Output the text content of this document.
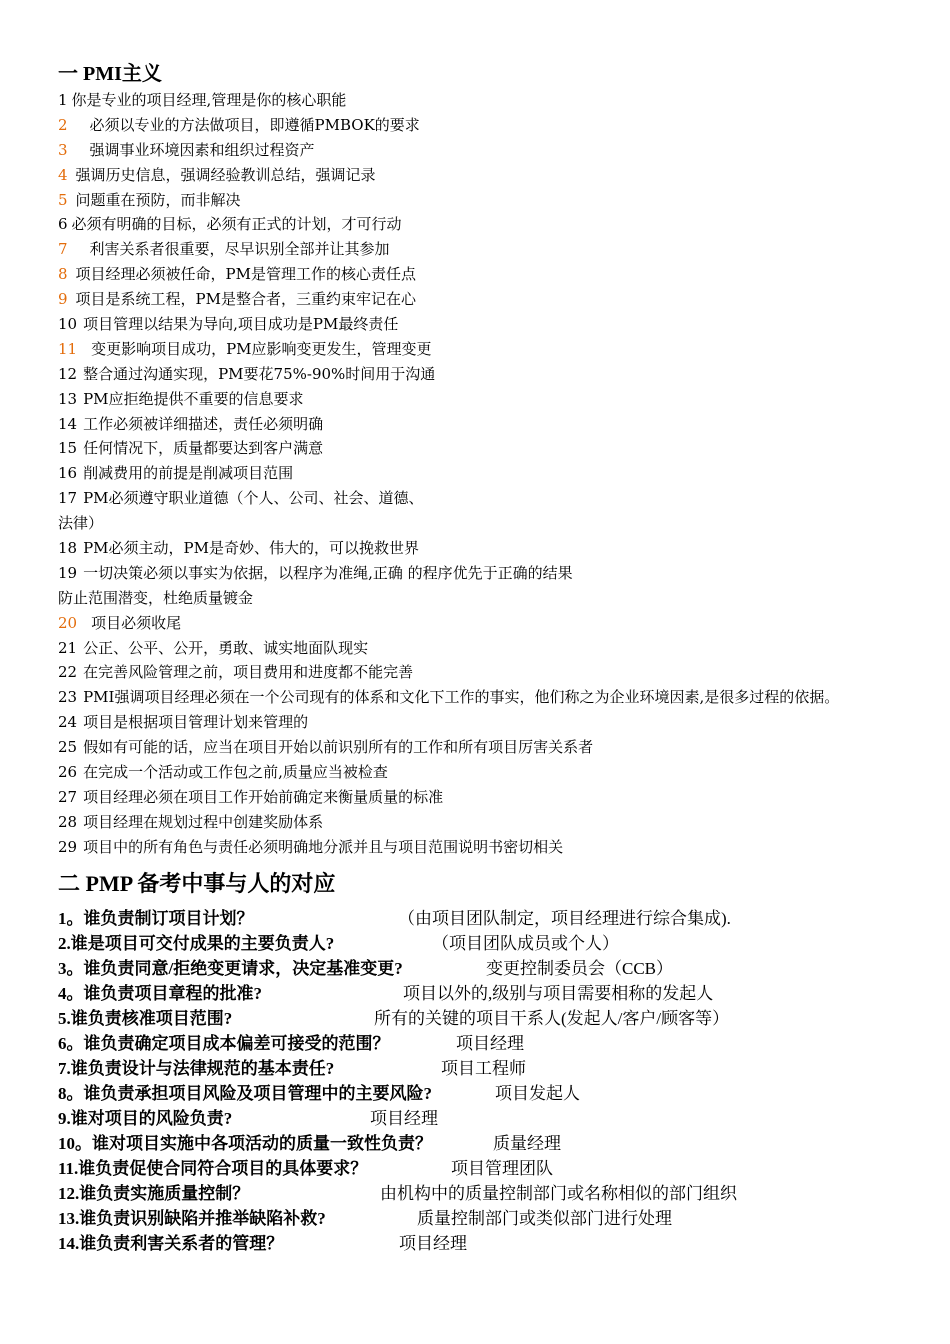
一 PMI主义
1 你是专业的项目经理,管理是你的核心职能
2 必须以专业的方法做项目，即遵循PMBOK的要求
3 强调事业环境因素和组织过程资产
4 强调历史信息，强调经验教训总结，强调记录
5 问题重在预防，而非解决
6 必须有明确的目标，必须有正式的计划，才可行动
7 利害关系者很重要，尽早识别全部并让其参加
8 项目经理必须被任命，PM是管理工作的核心责任点
9 项目是系统工程，PM是整合者，三重约束牢记在心
10 项目管理以结果为导向,项目成功是PM最终责任
11 变更影响项目成功，PM应影响变更发生，管理变更
12 整合通过沟通实现，PM要花75%-90%时间用于沟通
13 PM应拒绝提供不重要的信息要求
14 工作必须被详细描述，责任必须明确
15 任何情况下，质量都要达到客户满意
16 削减费用的前提是削减项目范围
17 PM必须遵守职业道德（个人、公司、社会、道德、
法律）
18 PM必须主动，PM是奇妙、伟大的，可以挽救世界
19 一切决策必须以事实为依据，以程序为准绳,正确 的程序优先于正确的结果
防止范围潜变，杜绝质量镀金
20 项目必须收尾
21 公正、公平、公开，勇敢、诚实地面队现实
22 在完善风险管理之前，项目费用和进度都不能完善
23 PMI强调项目经理必须在一个公司现有的体系和文化下工作的事实，他们称之为企业环境因素,是很多过程的依据。
24 项目是根据项目管理计划来管理的
25 假如有可能的话，应当在项目开始以前识别所有的工作和所有项目厉害关系者
26 在完成一个活动或工作包之前,质量应当被检查
27 项目经理必须在项目工作开始前确定来衡量质量的标准
28 项目经理在规划过程中创建奖励体系
29 项目中的所有角色与责任必须明确地分派并且与项目范围说明书密切相关
二 PMP 备考中事与人的对应
1。谁负责制订项目计划？	（由项目团队制定，项目经理进行综合集成).
2.谁是项目可交付成果的主要负责人?	（项目团队成员或个人）
3。谁负责同意/拒绝变更请求，决定基准变更?	变更控制委员会（CCB）
4。谁负责项目章程的批准?	项目以外的,级别与项目需要相称的发起人
5.谁负责核准项目范围?	所有的关键的项目干系人(发起人/客户/顾客等）
6。谁负责确定项目成本偏差可接受的范围？	项目经理
7.谁负责设计与法律规范的基本责任?	项目工程师
8。谁负责承担项目风险及项目管理中的主要风险?	项目发起人
9.谁对项目的风险负责?	项目经理
10。谁对项目实施中各项活动的质量一致性负责？	质量经理
11.谁负责促使合同符合项目的具体要求？	项目管理团队
12.谁负责实施质量控制？	由机构中的质量控制部门或名称相似的部门组织
13.谁负责识别缺陷并推举缺陷补救?	质量控制部门或类似部门进行处理
14.谁负责利害关系者的管理？	项目经理
